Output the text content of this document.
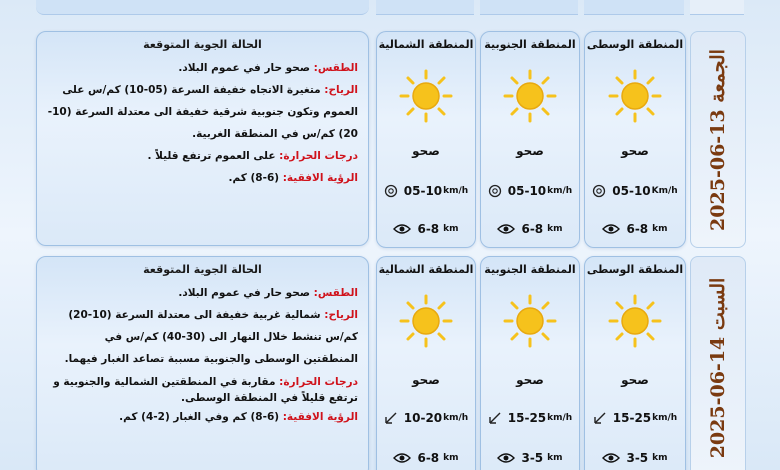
الحالة الجوية المتوقعة
الطقس: صحو حار في عموم البلاد.
الرياح: متغيرة الاتجاه خفيفة السرعة (05-10) كم/س على العموم وتكون جنوبية شرقية خفيفة الى معتدلة السرعة (10-20) كم/س في المنطقة الغربية.
درجات الحرارة: على العموم ترتفع قليلاً .
الرؤية الافقية: (6-8) كم.
المنطقة الشمالية
صحو
05-10 km/h
6-8 km
المنطقة الجنوبية
صحو
05-10 km/h
6-8 km
المنطقة الوسطى
صحو
05-10 Km/h
6-8 km الجمعة 13-06-2025
الحالة الجوية المتوقعة
الطقس: صحو حار في عموم البلاد.
الرياح: شمالية غربية خفيفة الى معتدلة السرعة (10-20) كم/س تنشط خلال النهار الى (30-40) كم/س في المنطقتين الوسطى والجنوبية مسببة تصاعد الغبار فيهما.
درجات الحرارة: مقاربة في المنطقتين الشمالية والجنوبية و ترتفع قليلاً في المنطقة الوسطى.
الرؤية الافقية: (6-8) كم وفي الغبار (2-4) كم.
المنطقة الشمالية
صحو
10-20 km/h
6-8 km
المنطقة الجنوبية
صحو
15-25 km/h
3-5 km
المنطقة الوسطى
صحو
15-25 km/h
3-5 km السبت 14-06-2025
